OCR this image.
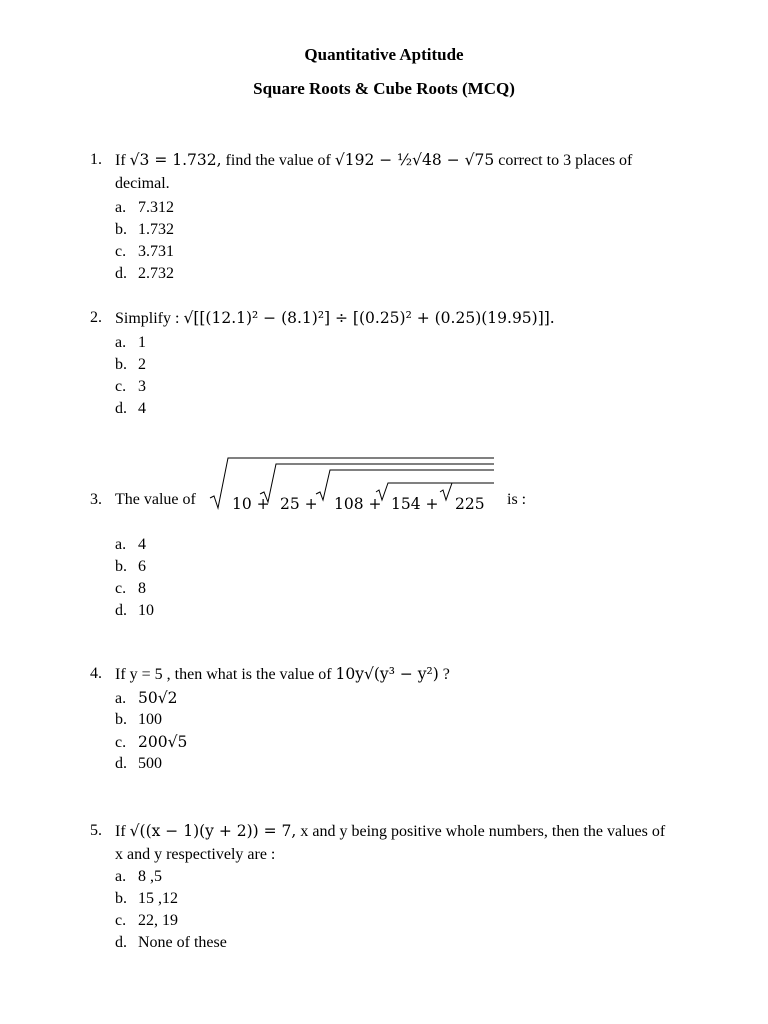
Quantitative Aptitude
Square Roots & Cube Roots (MCQ)
1. If √3 = 1.732, find the value of √192 − ½√48 − √75 correct to 3 places of
decimal.
a. 7.312
b. 1.732
c. 3.731
d. 2.732
2. Simplify : √[[(12.1)² − (8.1)²] ÷ [(0.25)² + (0.25)(19.95)]].
a. 1
b. 2
c. 3
d. 4
3. The value of 10 + 25 + 108 + 154 + 225 is :
a. 4
b. 6
c. 8
d. 10
4. If y = 5 , then what is the value of 10y√(y³ − y²) ?
a. 50√2
b. 100
c. 200√5
d. 500
5. If √((x − 1)(y + 2)) = 7, x and y being positive whole numbers, then the values of
x and y respectively are :
a. 8 ,5
b. 15 ,12
c. 22, 19
d. None of these
